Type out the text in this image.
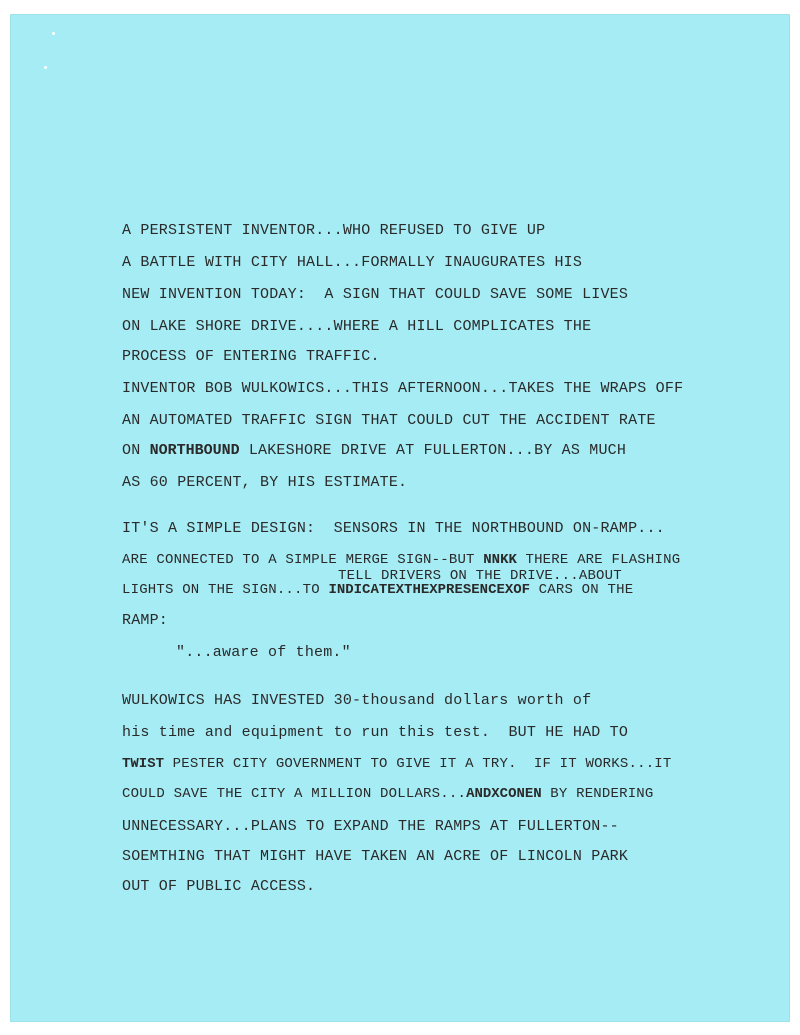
A PERSISTENT INVENTOR...WHO REFUSED TO GIVE UP
A BATTLE WITH CITY HALL...FORMALLY INAUGURATES HIS
NEW INVENTION TODAY:  A SIGN THAT COULD SAVE SOME LIVES
ON LAKE SHORE DRIVE....WHERE A HILL COMPLICATES THE
PROCESS OF ENTERING TRAFFIC.
INVENTOR BOB WULKOWICS...THIS AFTERNOON...TAKES THE WRAPS OFF
AN AUTOMATED TRAFFIC SIGN THAT COULD CUT THE ACCIDENT RATE
ON NORTHBOUND LAKESHORE DRIVE AT FULLERTON...BY AS MUCH
AS 60 PERCENT, BY HIS ESTIMATE.
IT'S A SIMPLE DESIGN:  SENSORS IN THE NORTHBOUND ON-RAMP...
ARE CONNECTED TO A SIMPLE MERGE SIGN--BUT NNKK THERE ARE FLASHING
TELL DRIVERS ON THE DRIVE...ABOUT
LIGHTS ON THE SIGN...TO INDICATEXTHEXPRESENCEXOF CARS ON THE
RAMP:
"...aware of them."
WULKOWICS HAS INVESTED 30-thousand dollars worth of
his time and equipment to run this test.  BUT HE HAD TO
TWIST PESTER CITY GOVERNMENT TO GIVE IT A TRY.  IF IT WORKS...IT
COULD SAVE THE CITY A MILLION DOLLARS...ANDXCONEN BY RENDERING
UNNECESSARY...PLANS TO EXPAND THE RAMPS AT FULLERTON--
SOEMTHING THAT MIGHT HAVE TAKEN AN ACRE OF LINCOLN PARK
OUT OF PUBLIC ACCESS.
